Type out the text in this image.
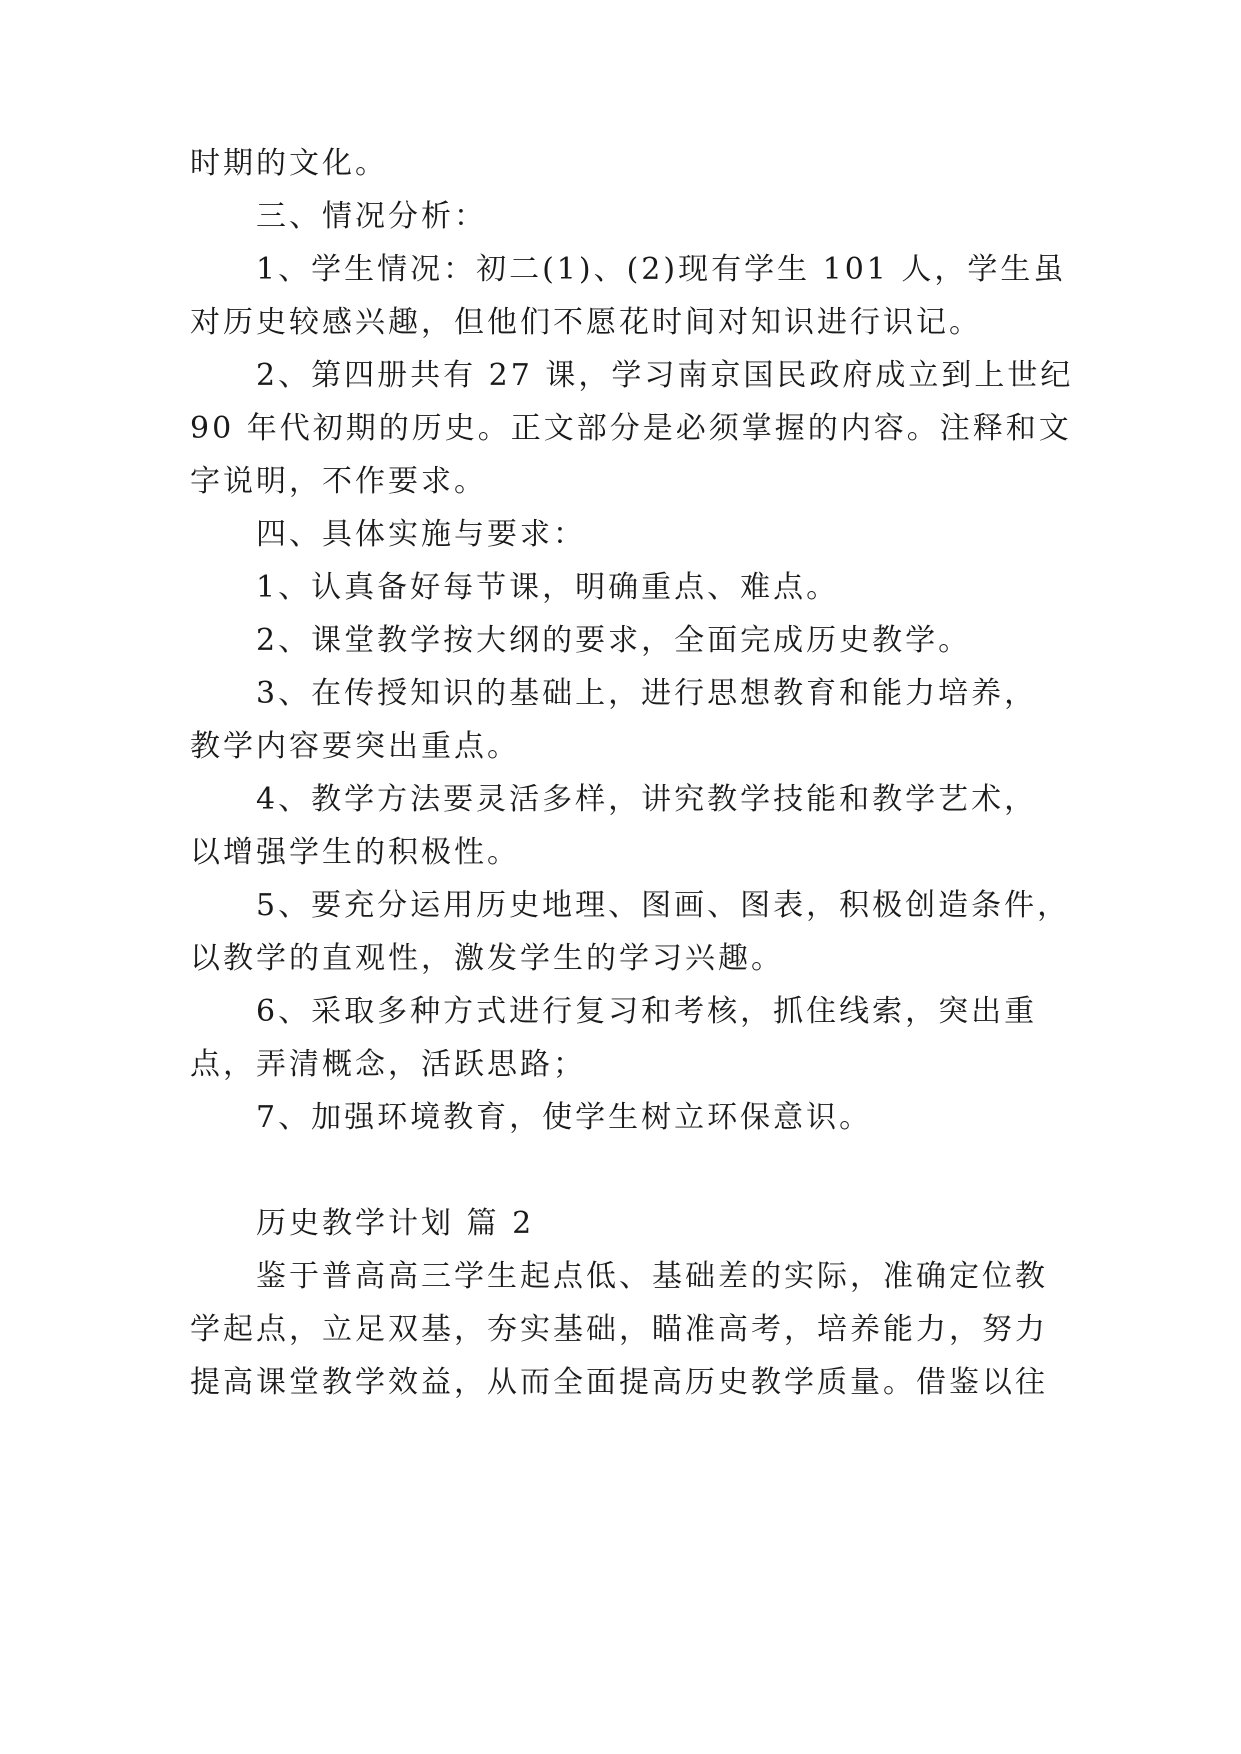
时期的文化。
三、情况分析：
1、学生情况：初二(1)、(2)现有学生 101 人，学生虽
对历史较感兴趣，但他们不愿花时间对知识进行识记。
2、第四册共有 27 课，学习南京国民政府成立到上世纪
90 年代初期的历史。正文部分是必须掌握的内容。注释和文
字说明，不作要求。
四、具体实施与要求：
1、认真备好每节课，明确重点、难点。
2、课堂教学按大纲的要求，全面完成历史教学。
3、在传授知识的基础上，进行思想教育和能力培养，
教学内容要突出重点。
4、教学方法要灵活多样，讲究教学技能和教学艺术，
以增强学生的积极性。
5、要充分运用历史地理、图画、图表，积极创造条件，
以教学的直观性，激发学生的学习兴趣。
6、采取多种方式进行复习和考核，抓住线索，突出重
点，弄清概念，活跃思路；
7、加强环境教育，使学生树立环保意识。
历史教学计划 篇 2
鉴于普高高三学生起点低、基础差的实际，准确定位教
学起点，立足双基，夯实基础，瞄准高考，培养能力，努力
提高课堂教学效益，从而全面提高历史教学质量。借鉴以往
